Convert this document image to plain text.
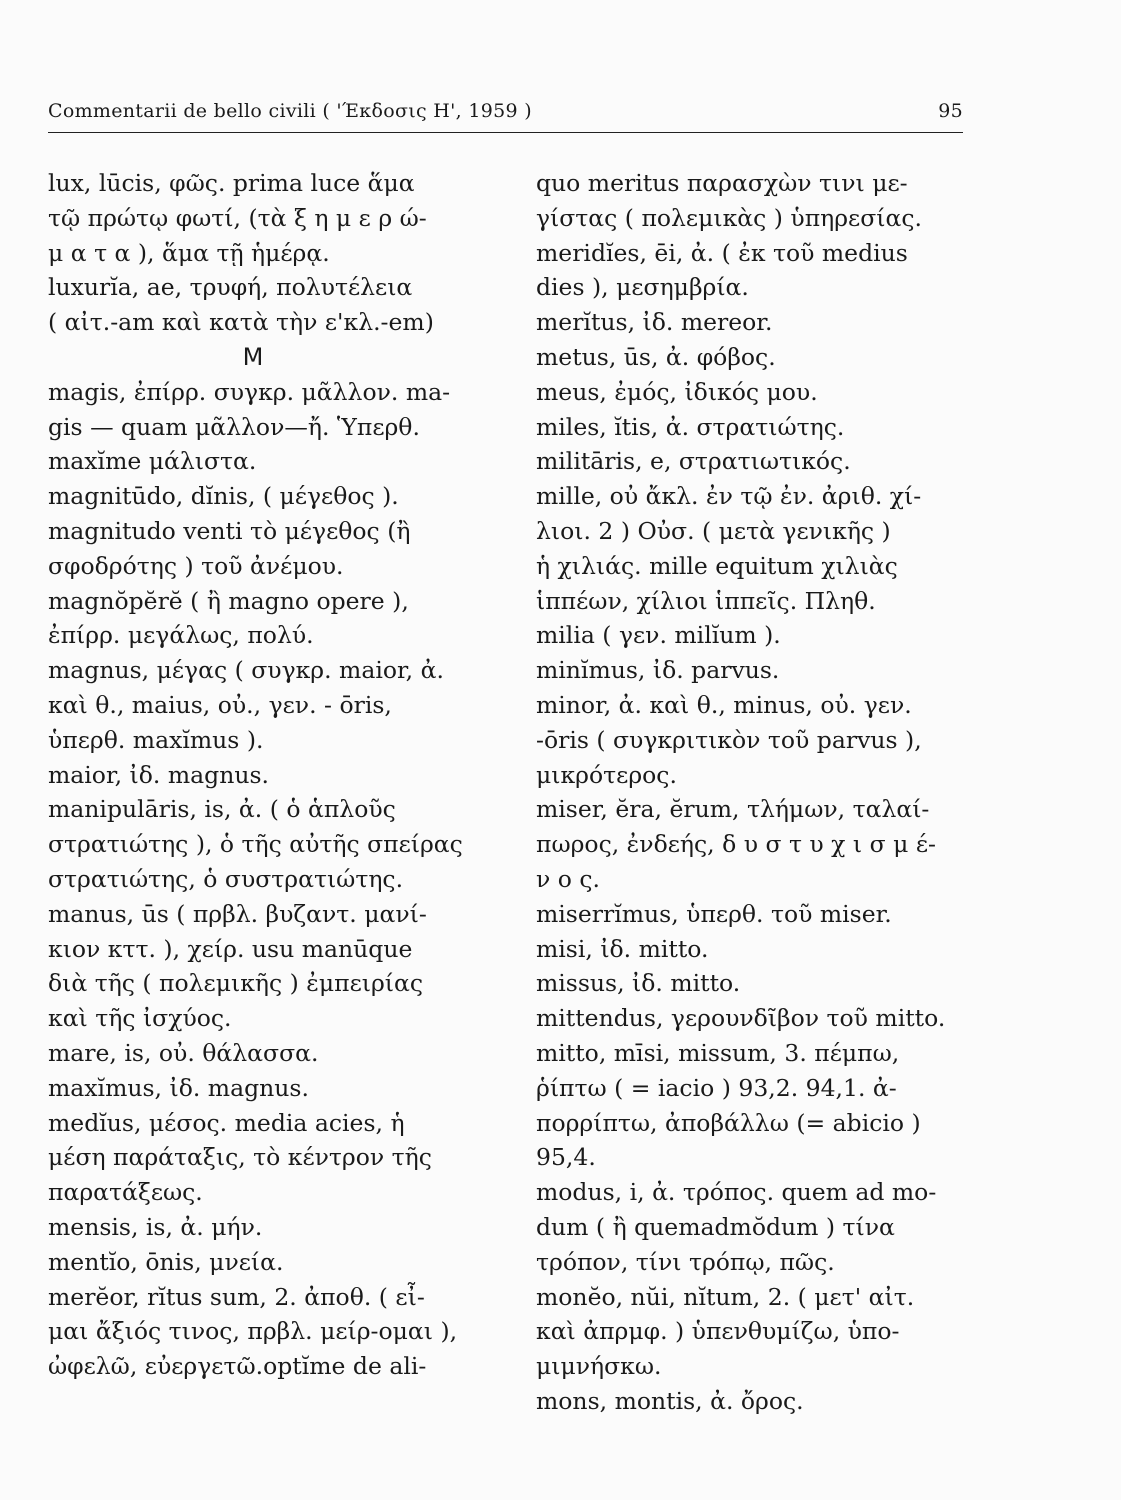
Commentarii de bello civili ( 'Έκδοσις Η', 1959 )	95
lux, lūcis, φῶς. prima luce ἅμα
τῷ πρώτῳ φωτί, (τὰ ξ η μ ε ρ ώ-
μ α τ α ), ἅμα τῇ ἡμέρᾳ.
luxurĭa, ae, τρυφή, πολυτέλεια
( αἰτ.-am καὶ κατὰ τὴν ε'κλ.-em)
M
magis, ἐπίρρ. συγκρ. μᾶλλον. ma-
gis — quam μᾶλλον—ἤ. Ὑπερθ.
maxĭme μάλιστα.
magnitūdo, dĭnis, ( μέγεθος ).
magnitudo venti τὸ μέγεθος (ἢ
σφοδρότης ) τοῦ ἀνέμου.
magnŏpĕrĕ ( ἢ magno opere ),
ἐπίρρ. μεγάλως, πολύ.
magnus, μέγας ( συγκρ. maior, ἀ.
καὶ θ., maius, οὐ., γεν. - ōris,
ὑπερθ. maxĭmus ).
maior, ἰδ. magnus.
manipulāris, is, ἀ. ( ὁ ἁπλοῦς
στρατιώτης ), ὁ τῆς αὐτῆς σπείρας
στρατιώτης, ὁ συστρατιώτης.
manus, ūs ( πρβλ. βυζαντ. μανί-
κιον κττ. ), χείρ. usu manūque
διὰ τῆς ( πολεμικῆς ) ἐμπειρίας
καὶ τῆς ἰσχύος.
mare, is, οὐ. θάλασσα.
maxĭmus, ἰδ. magnus.
medĭus, μέσος. media acies, ἡ
μέση παράταξις, τὸ κέντρον τῆς
παρατάξεως.
mensis, is, ἀ. μήν.
mentĭo, ōnis, μνεία.
merĕor, rĭtus sum, 2. ἀποθ. ( εἶ-
μαι ἄξιός τινος, πρβλ. μείρ-ομαι ),
ὠφελῶ, εὐεργετῶ.optĭme de ali-
quo meritus παρασχὼν τινι με-
γίστας ( πολεμικὰς ) ὑπηρεσίας.
meridĭes, ēi, ἀ. ( ἐκ τοῦ medius
dies ), μεσημβρία.
merĭtus, ἰδ. mereor.
metus, ūs, ἀ. φόβος.
meus, ἐμός, ἰδικός μου.
miles, ĭtis, ἀ. στρατιώτης.
militāris, e, στρατιωτικός.
mille, οὐ ἄκλ. ἐν τῷ ἐν. ἀριθ. χί-
λιοι. 2 ) Οὐσ. ( μετὰ γενικῆς )
ἡ χιλιάς. mille equitum χιλιὰς
ἱππέων, χίλιοι ἱππεῖς. Πληθ.
milia ( γεν. milĭum ).
minĭmus, ἰδ. parvus.
minor, ἀ. καὶ θ., minus, οὐ. γεν.
-ōris ( συγκριτικὸν τοῦ parvus ),
μικρότερος.
miser, ĕra, ĕrum, τλήμων, ταλαί-
πωρος, ἐνδεής, δ υ σ τ υ χ ι σ μ έ-
ν ο ς.
miserrĭmus, ὑπερθ. τοῦ miser.
misi, ἰδ. mitto.
missus, ἰδ. mitto.
mittendus, γερουνδῖβον τοῦ mitto.
mitto, mīsi, missum, 3. πέμπω,
ῥίπτω ( = iacio ) 93,2. 94,1. ἀ-
πορρίπτω, ἀποβάλλω (= abicio )
95,4.
modus, i, ἀ. τρόπος. quem ad mo-
dum ( ἢ quemadmŏdum ) τίνα
τρόπον, τίνι τρόπῳ, πῶς.
monĕo, nŭi, nĭtum, 2. ( μετ' αἰτ.
καὶ ἀπρμφ. ) ὑπενθυμίζω, ὑπο-
μιμνήσκω.
mons, montis, ἀ. ὄρος.
